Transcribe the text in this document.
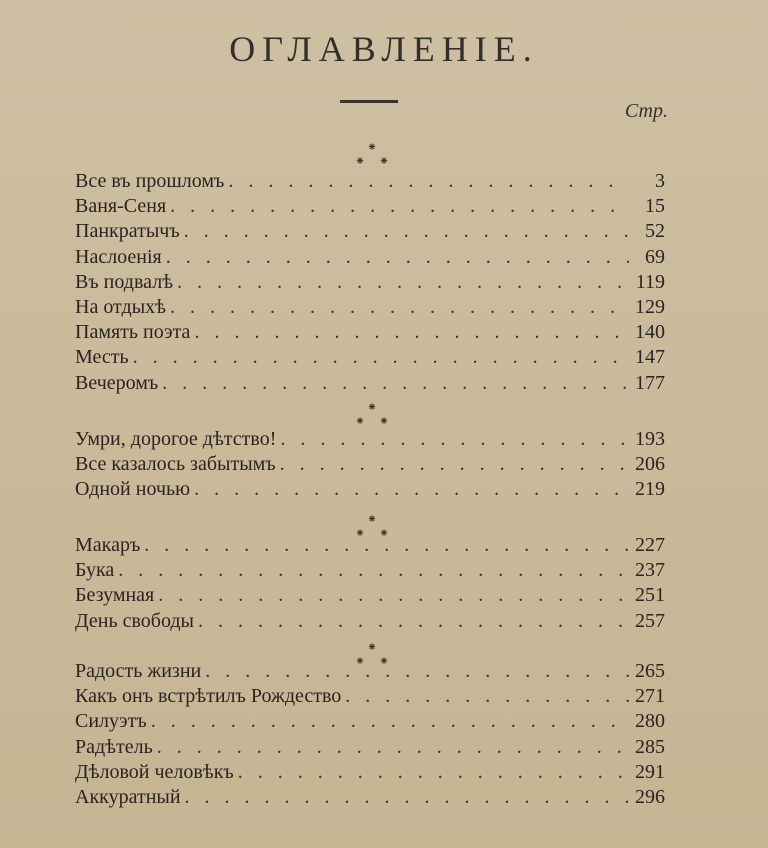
ОГЛАВЛЕНIЕ.
Стр.
⁕
⁕ ⁕
Все въ прошломъ . . .	3
Ваня-Сеня . . .	15
Панкратычъ . . .	52
Наслоенiя . . .	69
Въ подвалѣ . . .	119
На отдыхѣ . . .	129
Память поэта . . .	140
Месть . . .	147
Вечеромъ . . .	177
⁕
⁕ ⁕
Умри, дорогое дѣтство! . . .	193
Все казалось забытымъ . . .	206
Одной ночью . . .	219
⁕
⁕ ⁕
Макаръ . . .	227
Бука . . .	237
Безумная . . .	251
День свободы . . .	257
⁕
⁕ ⁕
Радость жизни . . .	265
Какъ онъ встрѣтилъ Рождество . . .	271
Силуэтъ . . .	280
Радѣтель . . .	285
Дѣловой человѣкъ . . .	291
Аккуратный . . .	296
